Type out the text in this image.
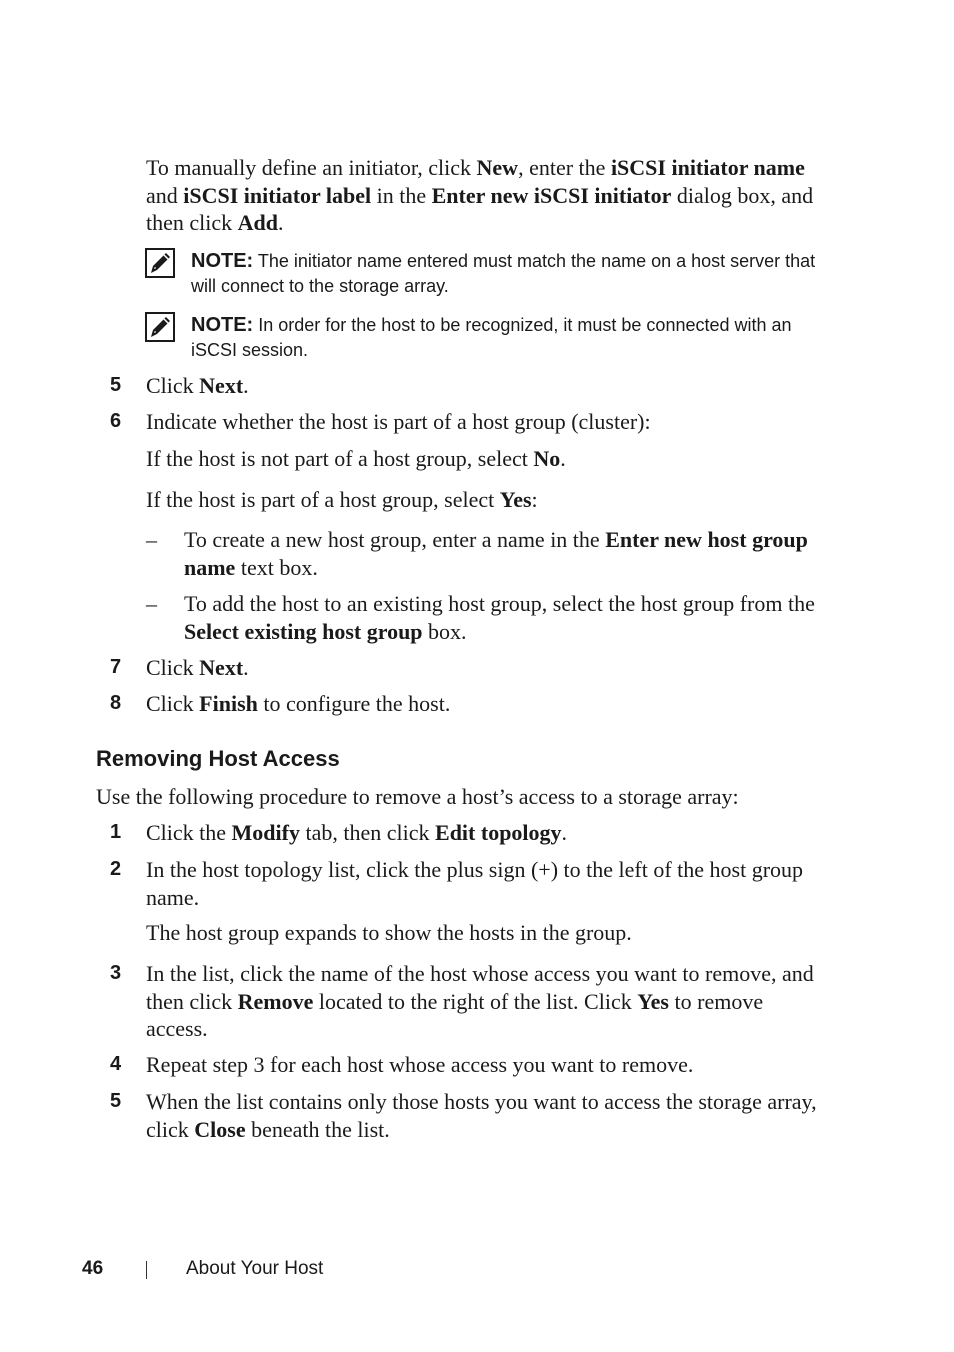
To manually define an initiator, click New, enter the iSCSI initiator name and iSCSI initiator label in the Enter new iSCSI initiator dialog box, and then click Add.
NOTE: The initiator name entered must match the name on a host server that will connect to the storage array.
NOTE: In order for the host to be recognized, it must be connected with an iSCSI session.
5	Click Next.
6	Indicate whether the host is part of a host group (cluster):
If the host is not part of a host group, select No.
If the host is part of a host group, select Yes:
–	To create a new host group, enter a name in the Enter new host group name text box.
–	To add the host to an existing host group, select the host group from the Select existing host group box.
7	Click Next.
8	Click Finish to configure the host.
Removing Host Access
Use the following procedure to remove a host’s access to a storage array:
1	Click the Modify tab, then click Edit topology.
2	In the host topology list, click the plus sign (+) to the left of the host group name.
The host group expands to show the hosts in the group.
3	In the list, click the name of the host whose access you want to remove, and then click Remove located to the right of the list. Click Yes to remove access.
4	Repeat step 3 for each host whose access you want to remove.
5	When the list contains only those hosts you want to access the storage array, click Close beneath the list.
46	About Your Host
